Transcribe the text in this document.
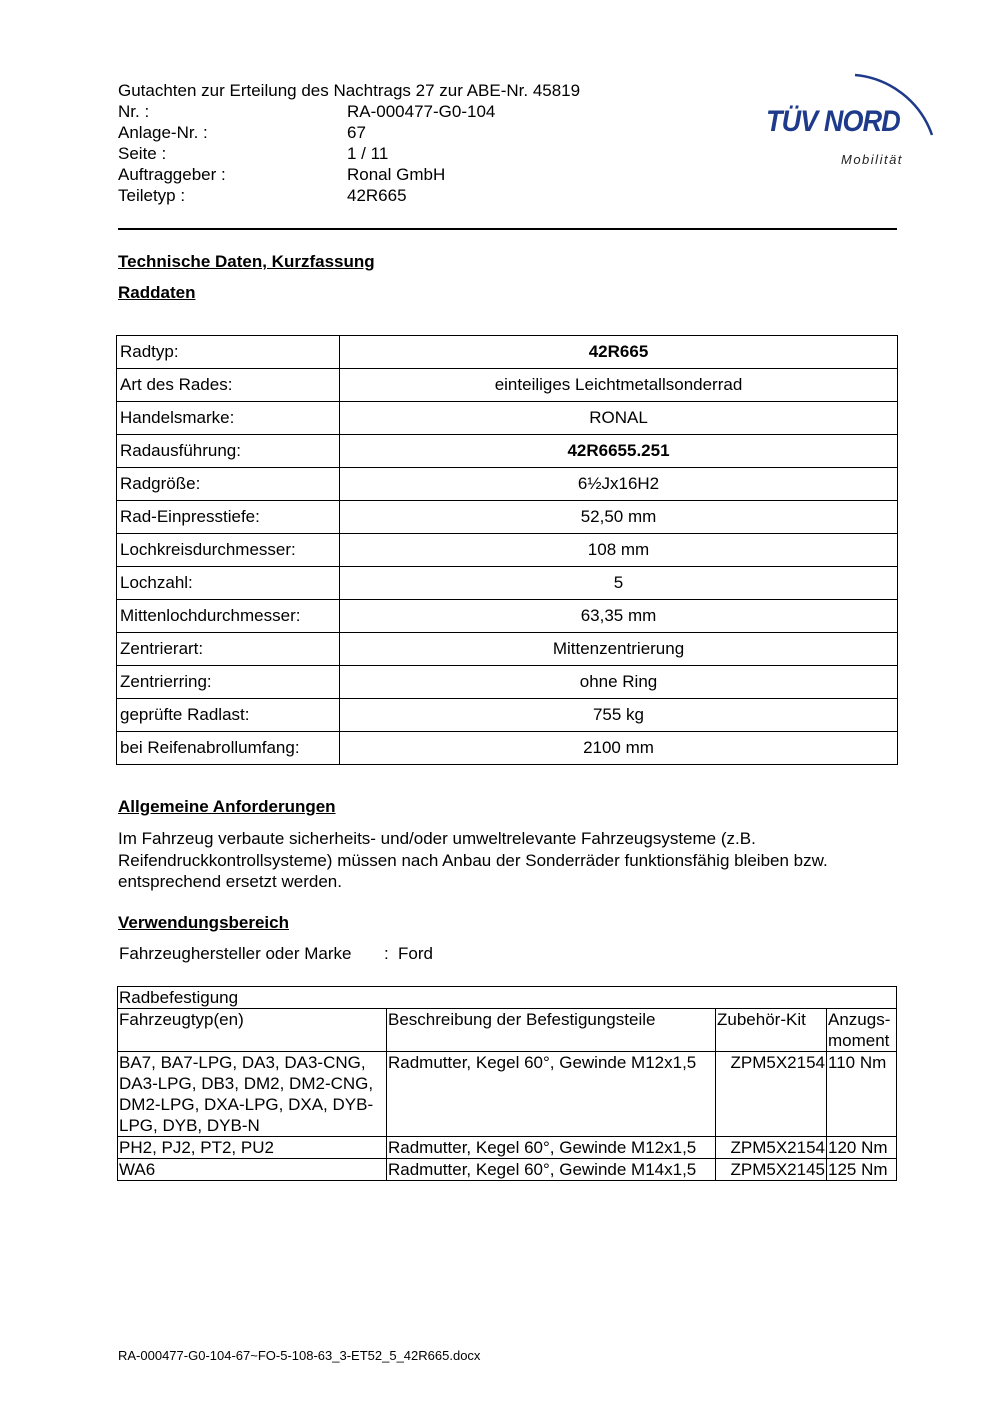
Gutachten zur Erteilung des Nachtrags 27 zur ABE-Nr. 45819
Nr. :	RA-000477-G0-104
Anlage-Nr. :	67
Seite :	1 / 11
Auftraggeber :	Ronal GmbH
Teiletyp :	42R665
TÜV NORD
Mobilität
Technische Daten, Kurzfassung
Raddaten
Radtyp:	42R665
Art des Rades:	einteiliges Leichtmetallsonderrad
Handelsmarke:	RONAL
Radausführung:	42R6655.251
Radgröße:	6½Jx16H2
Rad-Einpresstiefe:	52,50 mm
Lochkreisdurchmesser:	108 mm
Lochzahl:	5
Mittenlochdurchmesser:	63,35 mm
Zentrierart:	Mittenzentrierung
Zentrierring:	ohne Ring
geprüfte Radlast:	755 kg
bei Reifenabrollumfang:	2100 mm
Allgemeine Anforderungen
Im Fahrzeug verbaute sicherheits- und/oder umweltrelevante Fahrzeugsysteme (z.B. Reifendruckkontrollsysteme) müssen nach Anbau der Sonderräder funktionsfähig bleiben bzw. entsprechend ersetzt werden.
Verwendungsbereich
Fahrzeughersteller oder Marke : Ford
Radbefestigung			
Fahrzeugtyp(en)	Beschreibung der Befestigungsteile	Zubehör-Kit	Anzugs-moment
BA7, BA7-LPG, DA3, DA3-CNG, DA3-LPG, DB3, DM2, DM2-CNG, DM2-LPG, DXA-LPG, DXA, DYB-LPG, DYB, DYB-N	Radmutter, Kegel 60°, Gewinde M12x1,5	ZPM5X2154	110 Nm
PH2, PJ2, PT2, PU2	Radmutter, Kegel 60°, Gewinde M12x1,5	ZPM5X2154	120 Nm
WA6	Radmutter, Kegel 60°, Gewinde M14x1,5	ZPM5X2145	125 Nm
RA-000477-G0-104-67~FO-5-108-63_3-ET52_5_42R665.docx
